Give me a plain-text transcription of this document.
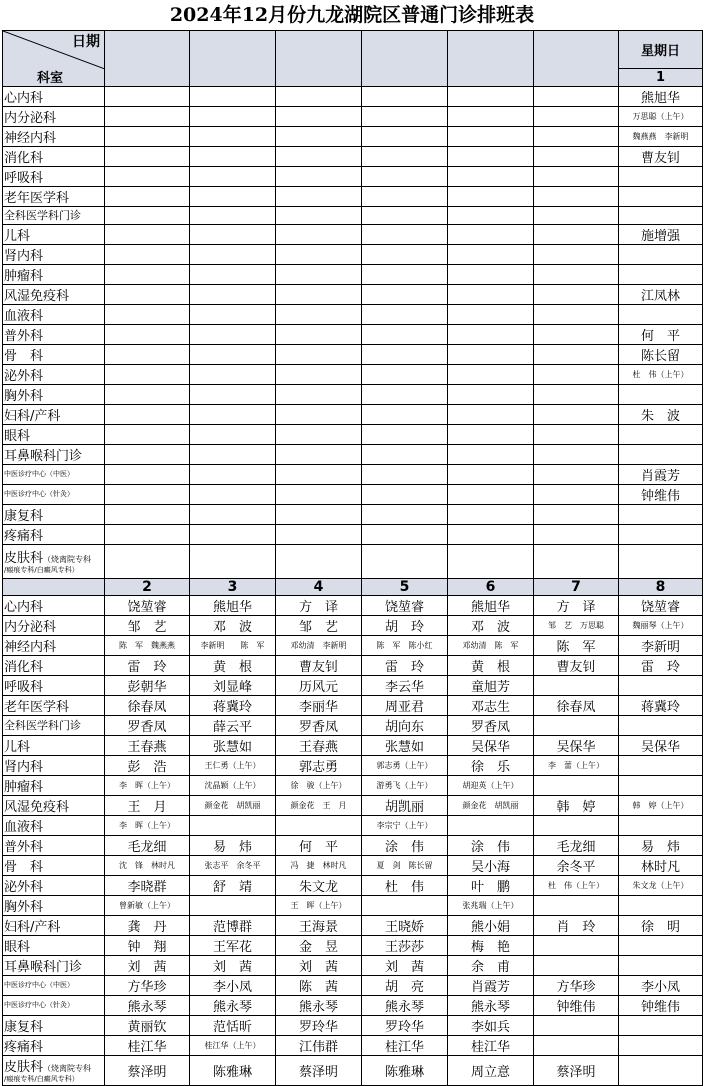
2024年12月份九龙湖院区普通门诊排班表
日期
科室							星期日
							1
心内科							熊旭华
内分泌科							万思聪（上午）
神经内科							魏燕燕　李新明
消化科							曹友钊
呼吸科							
老年医学科							
全科医学科门诊							
儿科							施增强
肾内科							
肿瘤科							
风湿免疫科							江凤林
血液科							
普外科							何　平
骨　科							陈长留
泌外科							杜　伟（上午）
胸外科							
妇科/产科							朱　波
眼科							
耳鼻喉科门诊							
中医诊疗中心（中医）							肖霞芳
中医诊疗中心（针灸）							钟维伟
康复科							
疼痛科							
皮肤科（烧离院专科
/瘢痕专科/白癜风专科）							

	2	3	4	5	6	7	8
心内科	饶堃睿	熊旭华	方　译	饶堃睿	熊旭华	方　译	饶堃睿
内分泌科	邹　艺	邓　波	邹　艺	胡　玲	邓　波	邹　艺　万思聪	魏丽琴（上午）
神经内科	陈　军　魏燕燕	李新明　　陈　军	邓幼清　李新明	陈　军　陈小红	邓幼清　陈　军	陈　军	李新明
消化科	雷　玲	黄　根	曹友钊	雷　玲	黄　根	曹友钊	雷　玲
呼吸科	彭朝华	刘显峰	历风元	李云华	童旭芳		
老年医学科	徐春凤	蒋冀玲	李丽华	周亚君	邓志生	徐春凤	蒋冀玲
全科医学科门诊	罗香凤	薛云平	罗香凤	胡向东	罗香凤		
儿科	王春燕	张慧如	王春燕	张慧如	吴保华	吴保华	吴保华
肾内科	彭　浩	王仁勇（上午）	郭志勇	郭志勇（上午）	徐　乐	李　蕾（上午）	
肿瘤科	李　晖（上午）	沈晶颖（上午）	徐　骏（上午）	游勇飞（上午）	胡迎英（上午）		
风湿免疫科	王　月	颜金花　胡凯丽	颜金花　王　月	胡凯丽	颜金花　胡凯丽	韩　婷	韩　婷（上午）
血液科	李　晖（上午）			李宗宁（上午）			
普外科	毛龙细	易　炜	何　平	涂　伟	涂　伟	毛龙细	易　炜
骨　科	沈　锋　林时凡	张志平　余冬平	冯　捷　林时凡	夏　剑　陈长留	吴小海	余冬平	林时凡
泌外科	李晓群	舒　靖	朱文龙	杜　伟	叶　鹏	杜　伟（上午）	朱文龙（上午）
胸外科	曾新敏（上午）		王　晖（上午）		张兆瑞（上午）		
妇科/产科	龚　丹	范博群	王海景	王晓娇	熊小娟	肖　玲	徐　明
眼科	钟　翔	王军花	金　昱	王莎莎	梅　艳		
耳鼻喉科门诊	刘　茜	刘　茜	刘　茜	刘　茜	余　甫		
中医诊疗中心（中医）	方华珍	李小凤	陈　茜	胡　亮	肖霞芳	方华珍	李小凤
中医诊疗中心（针灸）	熊永琴	熊永琴	熊永琴	熊永琴	熊永琴	钟维伟	钟维伟
康复科	黄丽钦	范恬昕	罗玲华	罗玲华	李如兵		
疼痛科	桂江华	桂江华（上午）	江伟群	桂江华	桂江华		
皮肤科（烧离院专科
/瘢痕专科/白癜风专科）	蔡泽明	陈雅琳	蔡泽明	陈雅琳	周立意	蔡泽明	
